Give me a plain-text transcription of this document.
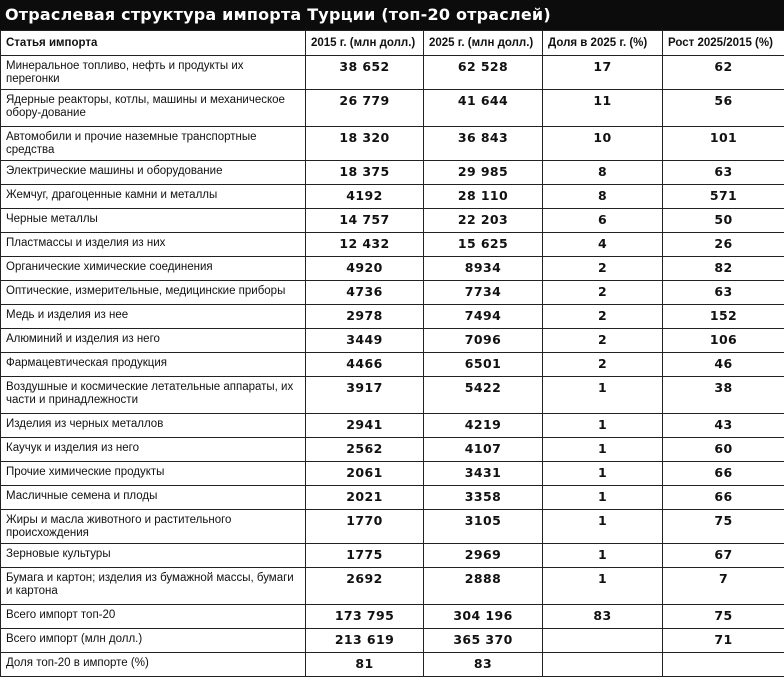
Отраслевая структура импорта Турции (топ-20 отраслей)
Статья импорта	2015 г. (млн долл.)	2025 г. (млн долл.)	Доля в 2025 г. (%)	Рост 2025/2015 (%)
Минеральное топливо, нефть и продукты их перегонки	38 652	62 528	17	62
Ядерные реакторы, котлы, машины и механическое обору-дование	26 779	41 644	11	56
Автомобили и прочие наземные транспортные средства	18 320	36 843	10	101
Электрические машины и оборудование	18 375	29 985	8	63
Жемчуг, драгоценные камни и металлы	4192	28 110	8	571
Черные металлы	14 757	22 203	6	50
Пластмассы и изделия из них	12 432	15 625	4	26
Органические химические соединения	4920	8934	2	82
Оптические, измерительные, медицинские приборы	4736	7734	2	63
Медь и изделия из нее	2978	7494	2	152
Алюминий и изделия из него	3449	7096	2	106
Фармацевтическая продукция	4466	6501	2	46
Воздушные и космические летательные аппараты, их части и принадлежности	3917	5422	1	38
Изделия из черных металлов	2941	4219	1	43
Каучук и изделия из него	2562	4107	1	60
Прочие химические продукты	2061	3431	1	66
Масличные семена и плоды	2021	3358	1	66
Жиры и масла животного и растительного происхождения	1770	3105	1	75
Зерновые культуры	1775	2969	1	67
Бумага и картон; изделия из бумажной массы, бумаги и картона	2692	2888	1	7
Всего импорт топ-20	173 795	304 196	83	75
Всего импорт (млн долл.)	213 619	365 370		71
Доля топ-20 в импорте (%)	81	83		
